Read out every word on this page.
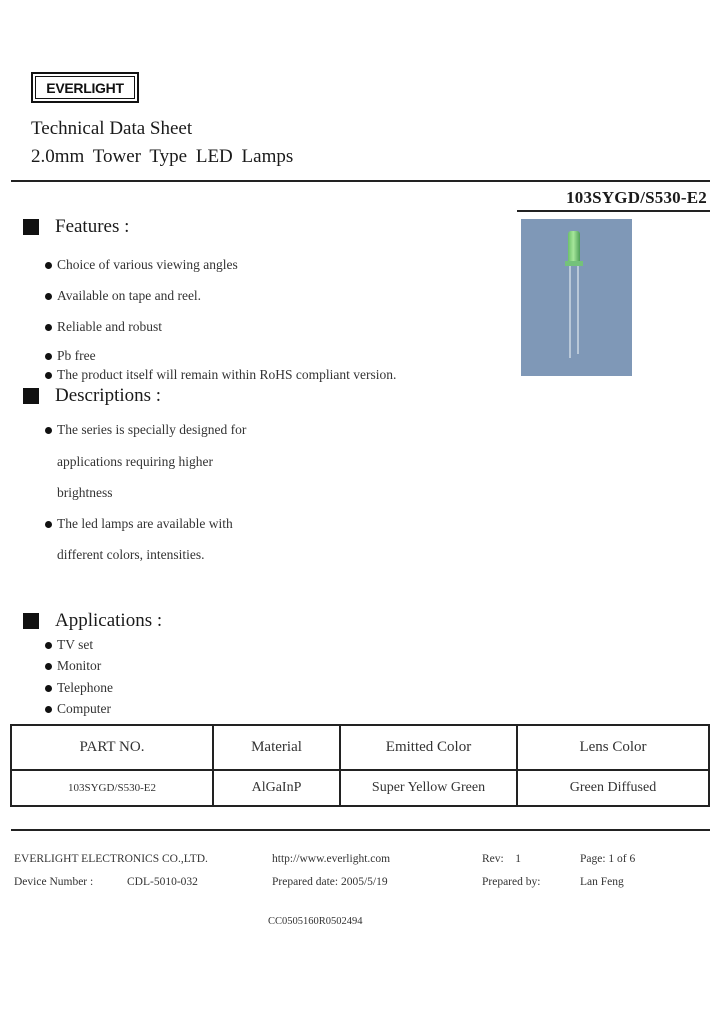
EVERLIGHT
Technical Data Sheet
2.0mm Tower Type LED Lamps
103SYGD/S530-E2
Features :
Choice of various viewing angles
Available on tape and reel.
Reliable and robust
Pb free
The product itself will remain within RoHS compliant version.
Descriptions :
The series is specially designed for
applications requiring higher
brightness
The led lamps are available with
different colors, intensities.
Applications :
TV set
Monitor
Telephone
Computer
PART NO.	Material	Emitted Color	Lens Color
103SYGD/S530-E2	AlGaInP	Super Yellow Green	Green Diffused
EVERLIGHT ELECTRONICS CO.,LTD.	http://www.everlight.com	Rev:    1	Page: 1 of 6
Device Number :	CDL-5010-032	Prepared date: 2005/5/19	Prepared by:	Lan Feng
CC0505160R0502494
